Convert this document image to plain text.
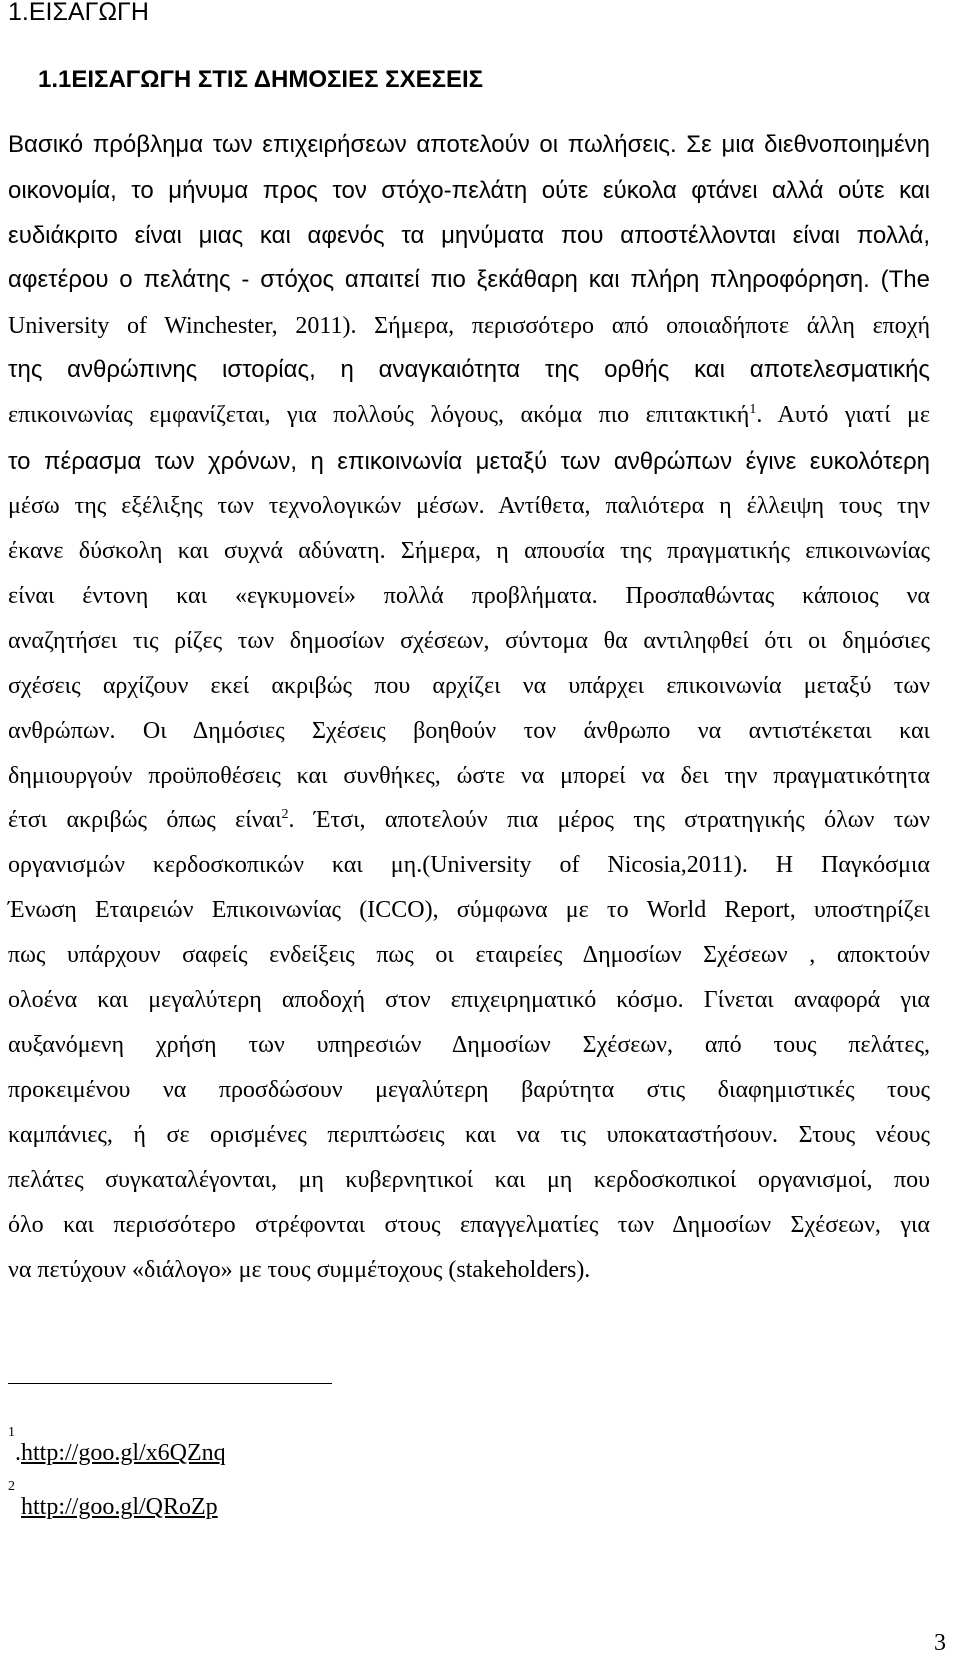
1.ΕΙΣΑΓΩΓΗ
1.1ΕΙΣΑΓΩΓΗ ΣΤΙΣ ΔΗΜΟΣΙΕΣ ΣΧΕΣΕΙΣ
Βασικό πρόβλημα των επιχειρήσεων αποτελούν οι πωλήσεις. Σε μια διεθνοποιημένη
οικονομία, το μήνυμα προς τον στόχο-πελάτη ούτε εύκολα φτάνει αλλά ούτε και
ευδιάκριτο είναι μιας και αφενός τα μηνύματα που αποστέλλονται είναι πολλά,
αφετέρου ο πελάτης - στόχος απαιτεί πιο ξεκάθαρη και πλήρη πληροφόρηση. (The
University of Winchester, 2011). Σήμερα, περισσότερο από οποιαδήποτε άλλη εποχή
της ανθρώπινης ιστορίας, η αναγκαιότητα της ορθής και αποτελεσματικής
επικοινωνίας εμφανίζεται, για πολλούς λόγους, ακόμα πιο επιτακτική$^1$. Αυτό γιατί με
το πέρασμα των χρόνων, η επικοινωνία μεταξύ των ανθρώπων έγινε ευκολότερη
μέσω της εξέλιξης των τεχνολογικών μέσων. Αντίθετα, παλιότερα η έλλειψη τους την
έκανε δύσκολη και συχνά αδύνατη. Σήμερα, η απουσία της πραγματικής επικοινωνίας
είναι έντονη και «εγκυμονεί» πολλά προβλήματα. Προσπαθώντας κάποιος να
αναζητήσει τις ρίζες των δημοσίων σχέσεων, σύντομα θα αντιληφθεί ότι οι δημόσιες
σχέσεις αρχίζουν εκεί ακριβώς που αρχίζει να υπάρχει επικοινωνία μεταξύ των
ανθρώπων. Οι Δημόσιες Σχέσεις βοηθούν τον άνθρωπο να αντιστέκεται και
δημιουργούν προϋποθέσεις και συνθήκες, ώστε να μπορεί να δει την πραγματικότητα
έτσι ακριβώς όπως είναι$^2$. Έτσι, αποτελούν πια μέρος της στρατηγικής όλων των
οργανισμών κερδοσκοπικών και μη.(University of Nicosia,2011). Η Παγκόσμια
Ένωση Εταιρειών Επικοινωνίας (ICCO), σύμφωνα με το World Report, υποστηρίζει
πως υπάρχουν σαφείς ενδείξεις πως οι εταιρείες Δημοσίων Σχέσεων , αποκτούν
ολοένα και μεγαλύτερη αποδοχή στον επιχειρηματικό κόσμο. Γίνεται αναφορά για
αυξανόμενη χρήση των υπηρεσιών Δημοσίων Σχέσεων, από τους πελάτες,
προκειμένου να προσδώσουν μεγαλύτερη βαρύτητα στις διαφημιστικές τους
καμπάνιες, ή σε ορισμένες περιπτώσεις και να τις υποκαταστήσουν. Στους νέους
πελάτες συγκαταλέγονται, μη κυβερνητικοί και μη κερδοσκοπικοί οργανισμοί, που
όλο και περισσότερο στρέφονται στους επαγγελματίες των Δημοσίων Σχέσεων, για
να πετύχουν «διάλογο» με τους συμμέτοχους (stakeholders).
$^1$.http://goo.gl/x6QZnq
$^2$ http://goo.gl/QRoZp
3
